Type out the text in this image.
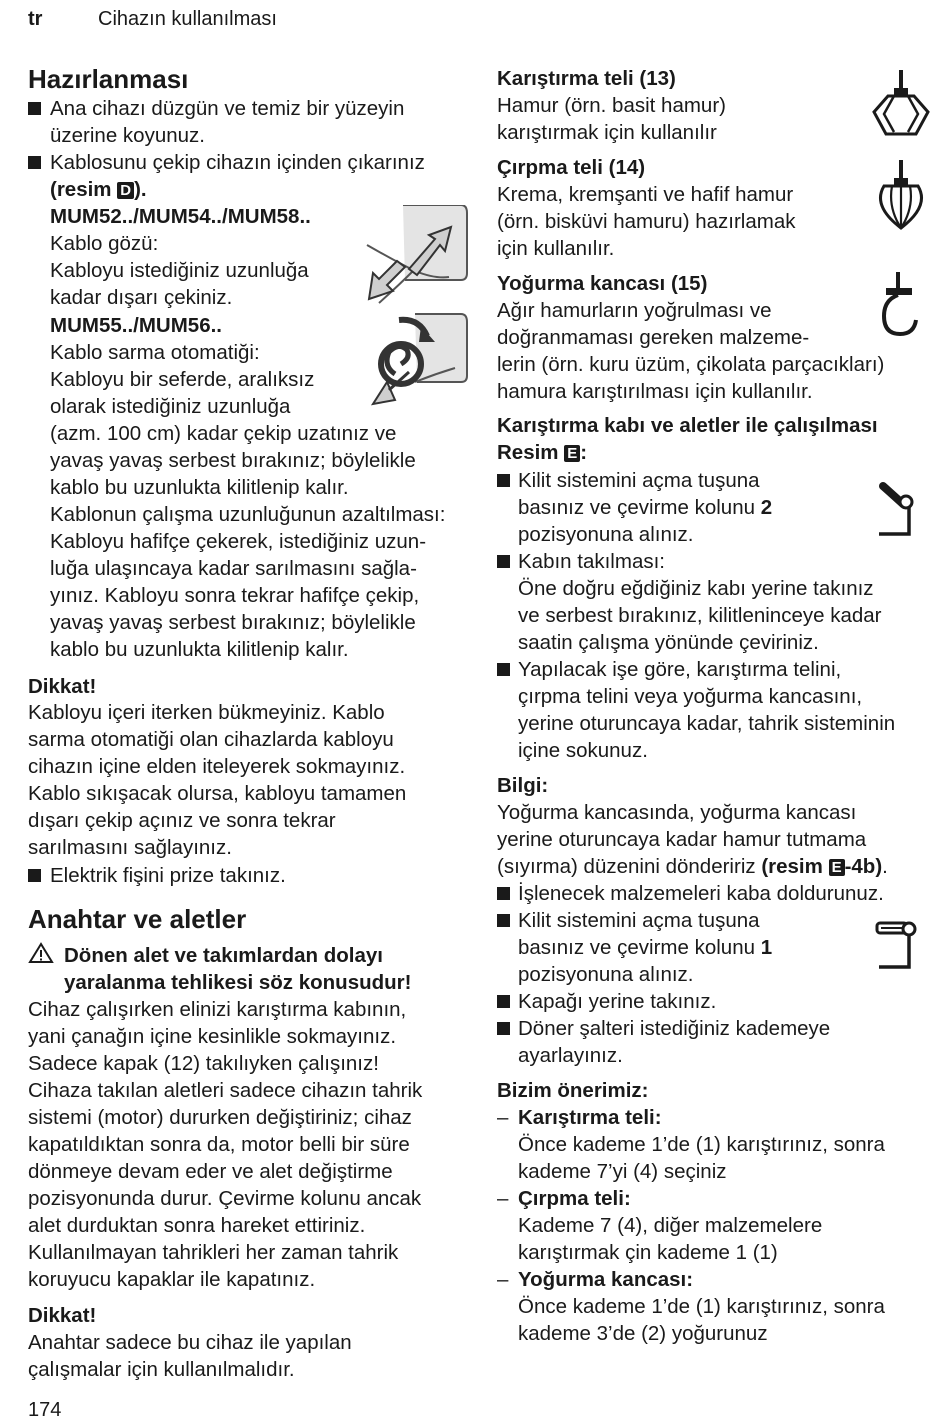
tr	Cihazın kullanılması
Hazırlanması
Ana cihazı düzgün ve temiz bir yüzeyin
üzerine koyunuz.
Kablosunu çekip cihazın içinden çıkarınız
(resim D ).
MUM52../MUM54../MUM58..
Kablo gözü:
Kabloyu istediğiniz uzunluğa
kadar dışarı çekiniz.
MUM55../MUM56..
Kablo sarma otomatiği:
Kabloyu bir seferde, aralıksız
olarak istediğiniz uzunluğa
(azm. 100 cm) kadar çekip uzatınız ve
yavaş yavaş serbest bırakınız; böylelikle
kablo bu uzunlukta kilitlenip kalır.
Kablonun çalışma uzunluğunun azaltılması:
Kabloyu hafifçe çekerek, istediğiniz uzun-
luğa ulaşıncaya kadar sarılmasını sağla-
yınız. Kabloyu sonra tekrar hafifçe çekip,
yavaş yavaş serbest bırakınız; böylelikle
kablo bu uzunlukta kilitlenip kalır.
Dikkat!
Kabloyu içeri iterken bükmeyiniz. Kablo
sarma otomatiği olan cihazlarda kabloyu
cihazın içine elden iteleyerek sokmayınız.
Kablo sıkışacak olursa, kabloyu tamamen
dışarı çekip açınız ve sonra tekrar
sarılmasını sağlayınız.
Elektrik fişini prize takınız.
Anahtar ve aletler
Dönen alet ve takımlardan dolayı
yaralanma tehlikesi söz konusudur!
Cihaz çalışırken elinizi karıştırma kabının,
yani çanağın içine kesinlikle sokmayınız.
Sadece kapak (12) takılıyken çalışınız!
Cihaza takılan aletleri sadece cihazın tahrik
sistemi (motor) dururken değiştiriniz; cihaz
kapatıldıktan sonra da, motor belli bir süre
dönmeye devam eder ve alet değiştirme
pozisyonunda durur. Çevirme kolunu ancak
alet durduktan sonra hareket ettiriniz.
Kullanılmayan tahrikleri her zaman tahrik
koruyucu kapaklar ile kapatınız.
Dikkat!
Anahtar sadece bu cihaz ile yapılan
çalışmalar için kullanılmalıdır.
Karıştırma teli (13)
Hamur (örn. basit hamur)
karıştırmak için kullanılır
Çırpma teli (14)
Krema, kremşanti ve hafif hamur
(örn. bisküvi hamuru) hazırlamak
için kullanılır.
Yoğurma kancası (15)
Ağır hamurların yoğrulması ve
doğranmaması gereken malzeme-
lerin (örn. kuru üzüm, çikolata parçacıkları)
hamura karıştırılması için kullanılır.
Karıştırma kabı ve aletler ile çalışılması
Resim E :
Kilit sistemini açma tuşuna
basınız ve çevirme kolunu 2
pozisyonuna alınız.
Kabın takılması:
Öne doğru eğdiğiniz kabı yerine takınız
ve serbest bırakınız, kilitleninceye kadar
saatin çalışma yönünde çeviriniz.
Yapılacak işe göre, karıştırma telini,
çırpma telini veya yoğurma kancasını,
yerine oturuncaya kadar, tahrik sisteminin
içine sokunuz.
Bilgi:
Yoğurma kancasında, yoğurma kancası
yerine oturuncaya kadar hamur tutmama
(sıyırma) düzenini döndeririz (resim E -4b).
İşlenecek malzemeleri kaba doldurunuz.
Kilit sistemini açma tuşuna
basınız ve çevirme kolunu 1
pozisyonuna alınız.
Kapağı yerine takınız.
Döner şalteri istediğiniz kademeye
ayarlayınız.
Bizim önerimiz:
– Karıştırma teli:
Önce kademe 1’de (1) karıştırınız, sonra
kademe 7’yi (4) seçiniz
– Çırpma teli:
Kademe 7 (4), diğer malzemelere
karıştırmak çin kademe 1 (1)
– Yoğurma kancası:
Önce kademe 1’de (1) karıştırınız, sonra
kademe 3’de (2) yoğurunuz
174
